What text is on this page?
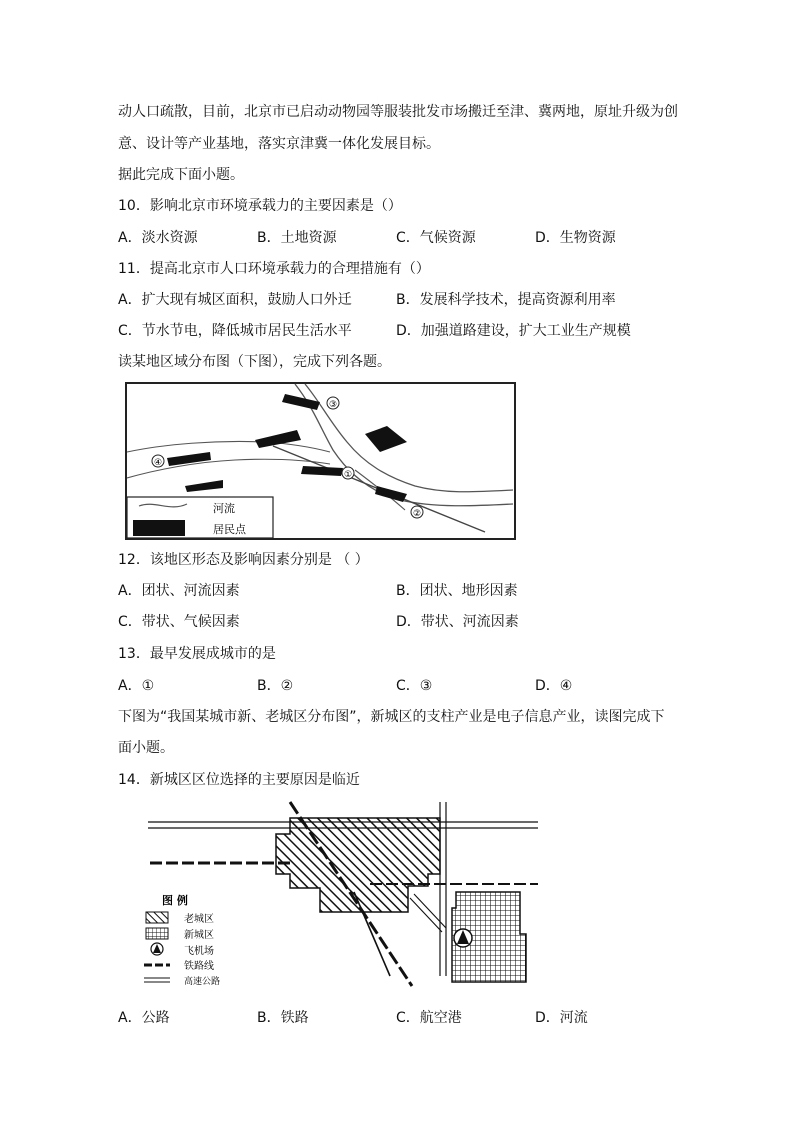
动人口疏散，目前，北京市已启动动物园等服装批发市场搬迁至津、冀两地，原址升级为创
意、设计等产业基地，落实京津冀一体化发展目标。
据此完成下面小题。
10．影响北京市环境承载力的主要因素是（）
A．淡水资源	B．土地资源	C．气候资源	D．生物资源
11．提高北京市人口环境承载力的合理措施有（）
A．扩大现有城区面积，鼓励人口外迁	B．发展科学技术，提高资源利用率
C．节水节电，降低城市居民生活水平	D．加强道路建设，扩大工业生产规模
读某地区域分布图（下图），完成下列各题。
③
④
①
②
河流
居民点
12．该地区形态及影响因素分别是 （ ）
A．团状、河流因素	B．团状、地形因素
C．带状、气候因素	D．带状、河流因素
13．最早发展成城市的是
A．①	B．②	C．③	D．④
下图为“我国某城市新、老城区分布图”，新城区的支柱产业是电子信息产业，读图完成下
面小题。
14．新城区区位选择的主要原因是临近
图 例
老城区
新城区
飞机场
铁路线
高速公路
A．公路	B．铁路	C．航空港	D．河流
